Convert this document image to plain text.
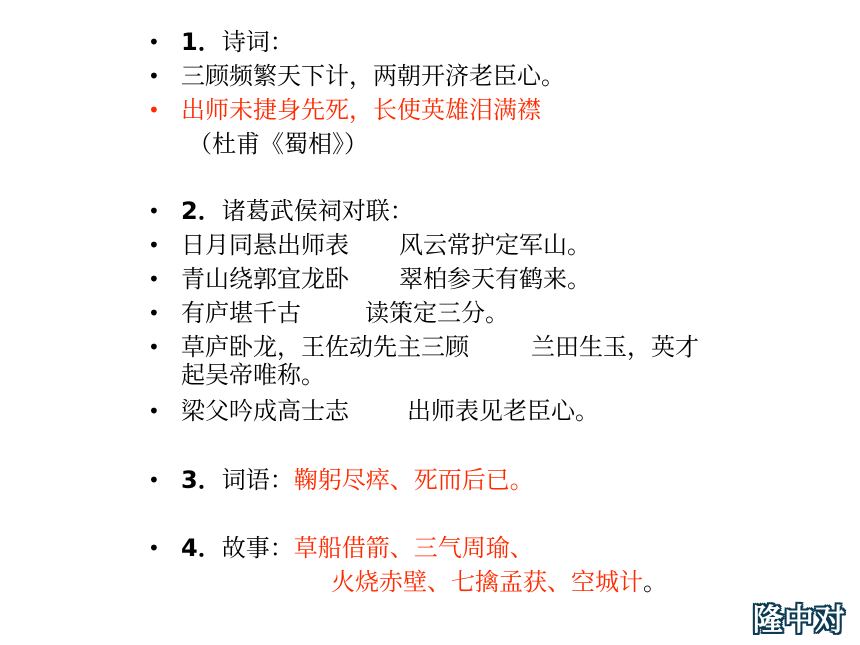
• 1．诗词：
• 三顾频繁天下计，两朝开济老臣心。
• 出师未捷身先死，长使英雄泪满襟
（杜甫《蜀相》）
• 2．诸葛武侯祠对联：
• 日月同悬出师表 风云常护定军山。
• 青山绕郭宜龙卧 翠柏参天有鹤来。
• 有庐堪千古	读策定三分。
• 草庐卧龙，王佐动先主三顾	兰田生玉，英才
起吴帝唯称。
• 梁父吟成高士志 出师表见老臣心。
• 3．词语：鞠躬尽瘁、死而后已。
• 4．故事：草船借箭、三气周瑜、
火烧赤壁、七擒孟获、空城计。
隆中对
